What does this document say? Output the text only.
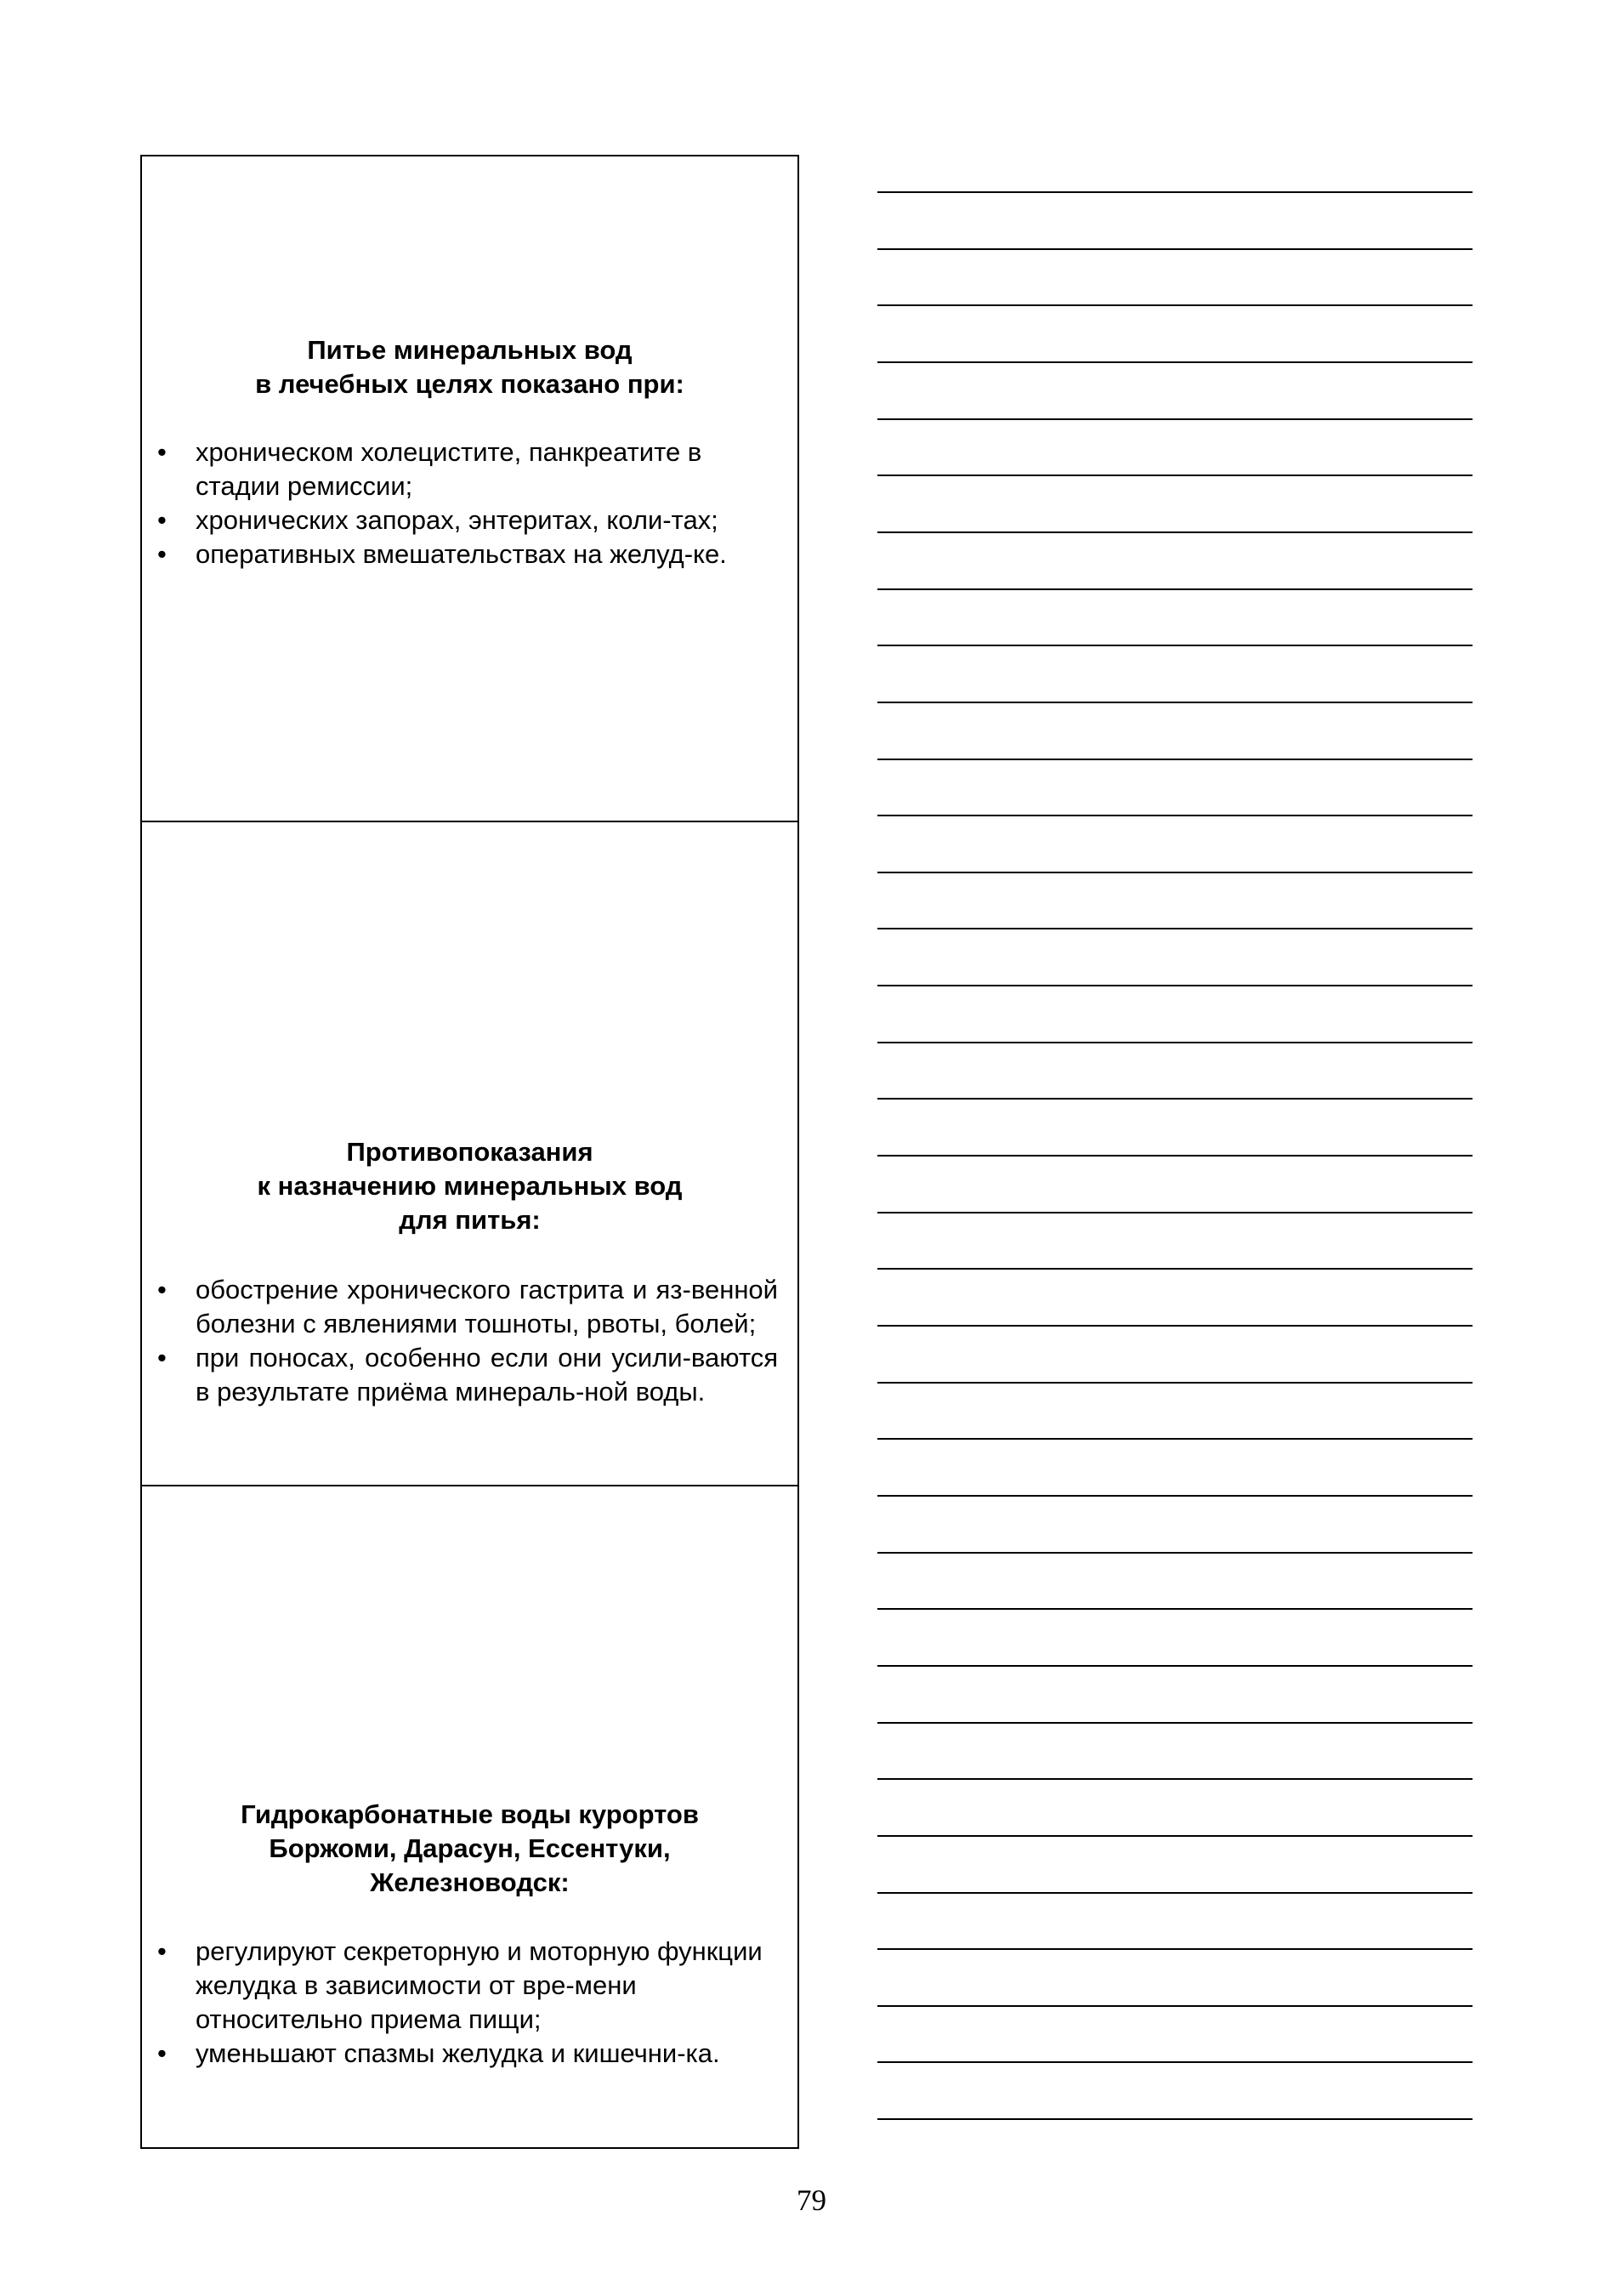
Питье минеральных вод
в лечебных целях показано при:
• хроническом холецистите, панкреатите в стадии ремиссии;
• хронических запорах, энтеритах, коли-тах;
• оперативных вмешательствах на желуд-ке.
Противопоказания
к назначению минеральных вод
для питья:
• обострение хронического гастрита и яз-венной болезни с явлениями тошноты, рвоты, болей;
• при поносах, особенно если они усили-ваются в результате приёма минераль-ной воды.
Гидрокарбонатные воды курортов
Боржоми, Дарасун, Ессентуки,
Железноводск:
• регулируют секреторную и моторную функции желудка в зависимости от вре-мени относительно приема пищи;
• уменьшают спазмы желудка и кишечни-ка.
79
